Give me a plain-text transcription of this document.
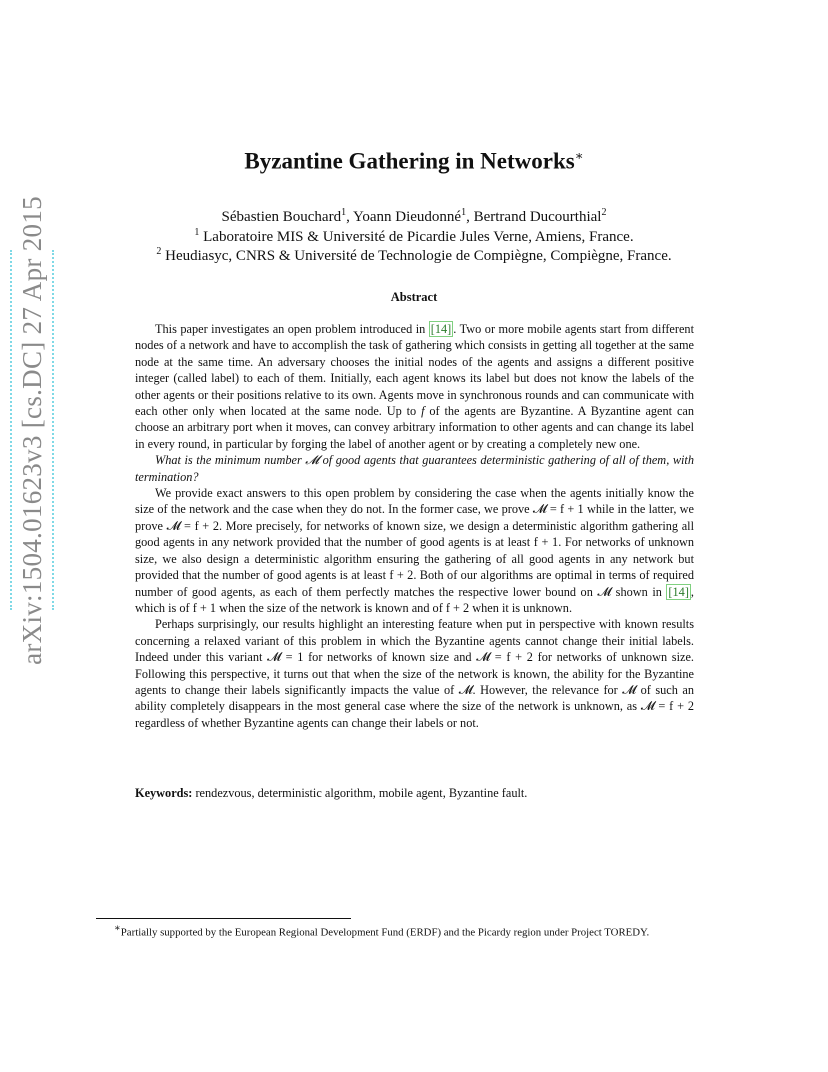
arXiv:1504.01623v3 [cs.DC] 27 Apr 2015
Byzantine Gathering in Networks∗
Sébastien Bouchard$^1$, Yoann Dieudonné$^1$, Bertrand Ducourthial$^2$
$^1$ Laboratoire MIS & Université de Picardie Jules Verne, Amiens, France.
$^2$ Heudiasyc, CNRS & Université de Technologie de Compiègne, Compiègne, France.
Abstract

This paper investigates an open problem introduced in [14] . Two or more mobile agents start from different nodes of a network and have to accomplish the task of gathering which consists in getting all together at the same node at the same time. An adversary chooses the initial nodes of the agents and assigns a different positive integer (called label) to each of them. Initially, each agent knows its label but does not know the labels of the other agents or their positions relative to its own. Agents move in synchronous rounds and can communicate with each other only when located at the same node. Up to f of the agents are Byzantine. A Byzantine agent can choose an arbitrary port when it moves, can convey arbitrary information to other agents and can change its label in every round, in particular by forging the label of another agent or by creating a completely new one.

What is the minimum number 𝓜 of good agents that guarantees deterministic gathering of all of them, with termination?

We provide exact answers to this open problem by considering the case when the agents initially know the size of the network and the case when they do not. In the former case, we prove 𝓜 = f + 1 while in the latter, we prove 𝓜 = f + 2. More precisely, for networks of known size, we design a deterministic algorithm gathering all good agents in any network provided that the number of good agents is at least f + 1. For networks of unknown size, we also design a deterministic algorithm ensuring the gathering of all good agents in any network but provided that the number of good agents is at least f + 2. Both of our algorithms are optimal in terms of required number of good agents, as each of them perfectly matches the respective lower bound on 𝓜 shown in [14] , which is of f + 1 when the size of the network is known and of f + 2 when it is unknown.

Perhaps surprisingly, our results highlight an interesting feature when put in perspective with known results concerning a relaxed variant of this problem in which the Byzantine agents cannot change their initial labels. Indeed under this variant 𝓜 = 1 for networks of known size and 𝓜 = f + 2 for networks of unknown size. Following this perspective, it turns out that when the size of the network is known, the ability for the Byzantine agents to change their labels significantly impacts the value of 𝓜. However, the relevance for 𝓜 of such an ability completely disappears in the most general case where the size of the network is unknown, as 𝓜 = f + 2 regardless of whether Byzantine agents can change their labels or not.

Keywords: rendezvous, deterministic algorithm, mobile agent, Byzantine fault.
∗Partially supported by the European Regional Development Fund (ERDF) and the Picardy region under Project TOREDY.
